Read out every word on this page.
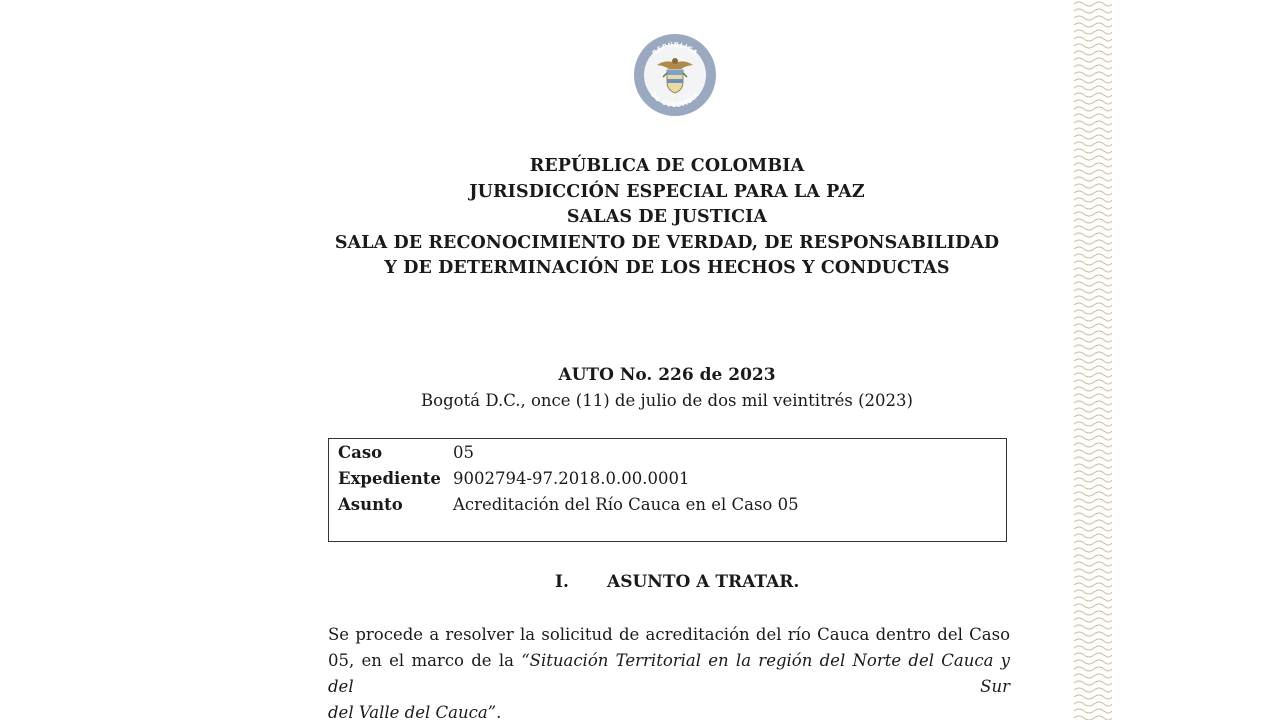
REPÚBLICA
DE COLOMBIA
REPÚBLICA DE COLOMBIA
JURISDICCIÓN ESPECIAL PARA LA PAZ
SALAS DE JUSTICIA
SALA DE RECONOCIMIENTO DE VERDAD, DE RESPONSABILIDAD
Y DE DETERMINACIÓN DE LOS HECHOS Y CONDUCTAS
AUTO No. 226 de 2023
Bogotá D.C., once (11) de julio de dos mil veintitrés (2023)
Caso	05
Expediente 9002794-97.2018.0.00.0001
Asunto	Acreditación del Río Cauca en el Caso 05
I. ASUNTO A TRATAR.
Se procede a resolver la solicitud de acreditación del río Cauca dentro del Caso
05, en el marco de la “Situación Territorial en la región del Norte del Cauca y del Sur
del Valle del Cauca”.
